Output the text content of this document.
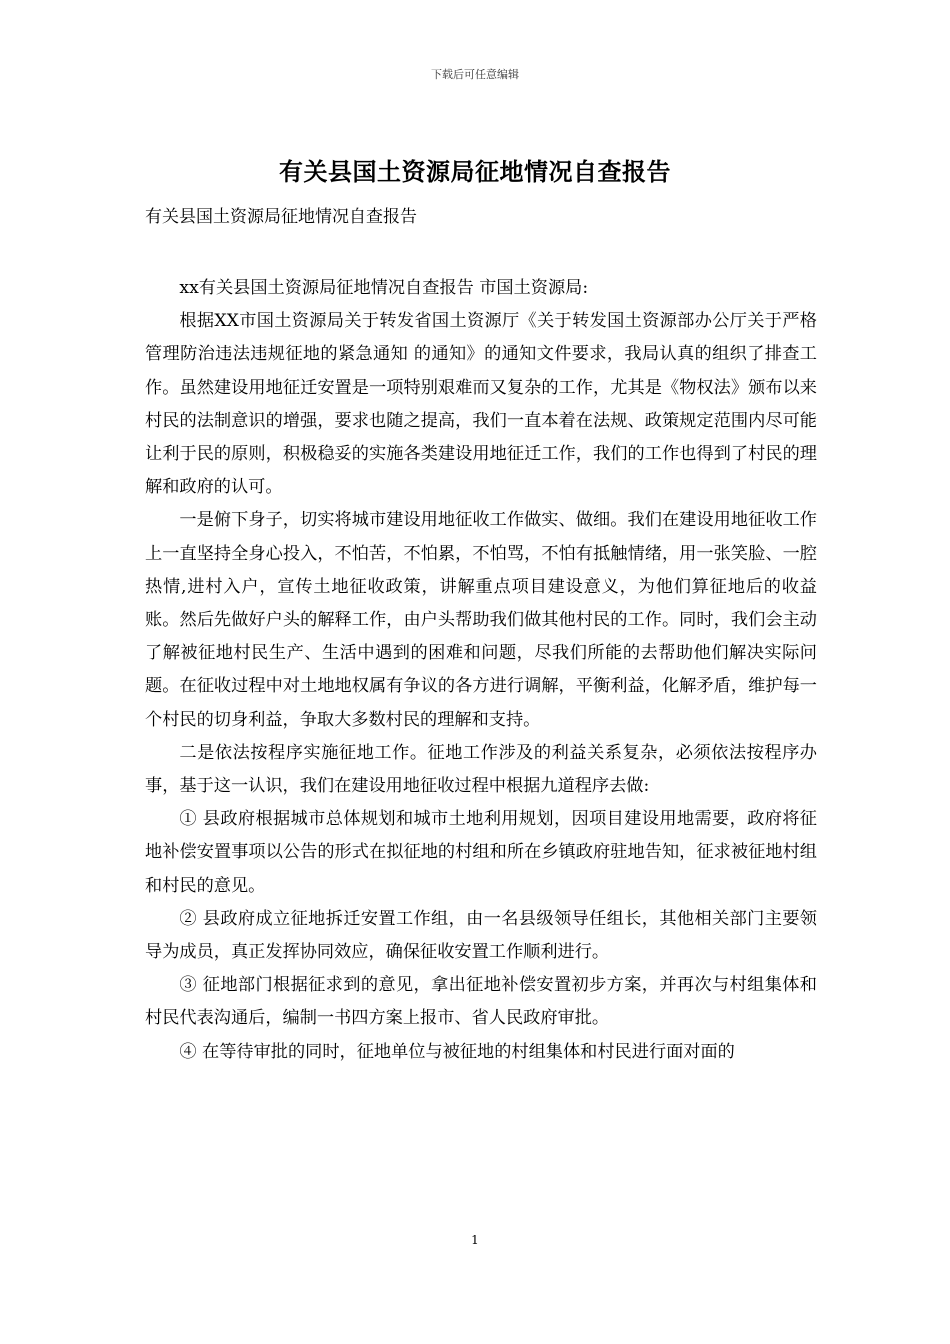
下载后可任意编辑
有关县国土资源局征地情况自查报告
有关县国土资源局征地情况自查报告

xx有关县国土资源局征地情况自查报告 市国土资源局:

根据XX市国土资源局关于转发省国土资源厅《关于转发国土资源部办公厅关于严格管理防治违法违规征地的紧急通知 的通知》的通知文件要求，我局认真的组织了排查工作。虽然建设用地征迁安置是一项特别艰难而又复杂的工作，尤其是《物权法》颁布以来村民的法制意识的增强，要求也随之提高，我们一直本着在法规、政策规定范围内尽可能让利于民的原则，积极稳妥的实施各类建设用地征迁工作，我们的工作也得到了村民的理解和政府的认可。

一是俯下身子，切实将城市建设用地征收工作做实、做细。我们在建设用地征收工作上一直坚持全身心投入，不怕苦，不怕累，不怕骂，不怕有抵触情绪，用一张笑脸、一腔热情,进村入户，宣传土地征收政策，讲解重点项目建设意义，为他们算征地后的收益账。然后先做好户头的解释工作，由户头帮助我们做其他村民的工作。同时，我们会主动了解被征地村民生产、生活中遇到的困难和问题，尽我们所能的去帮助他们解决实际问题。在征收过程中对土地地权属有争议的各方进行调解，平衡利益，化解矛盾，维护每一个村民的切身利益，争取大多数村民的理解和支持。

二是依法按程序实施征地工作。征地工作涉及的利益关系复杂，必须依法按程序办事，基于这一认识，我们在建设用地征收过程中根据九道程序去做:

① 县政府根据城市总体规划和城市土地利用规划，因项目建设用地需要，政府将征地补偿安置事项以公告的形式在拟征地的村组和所在乡镇政府驻地告知，征求被征地村组和村民的意见。

② 县政府成立征地拆迁安置工作组，由一名县级领导任组长，其他相关部门主要领导为成员，真正发挥协同效应，确保征收安置工作顺利进行。

③ 征地部门根据征求到的意见，拿出征地补偿安置初步方案，并再次与村组集体和村民代表沟通后，编制一书四方案上报市、省人民政府审批。

④ 在等待审批的同时，征地单位与被征地的村组集体和村民进行面对面的

1
